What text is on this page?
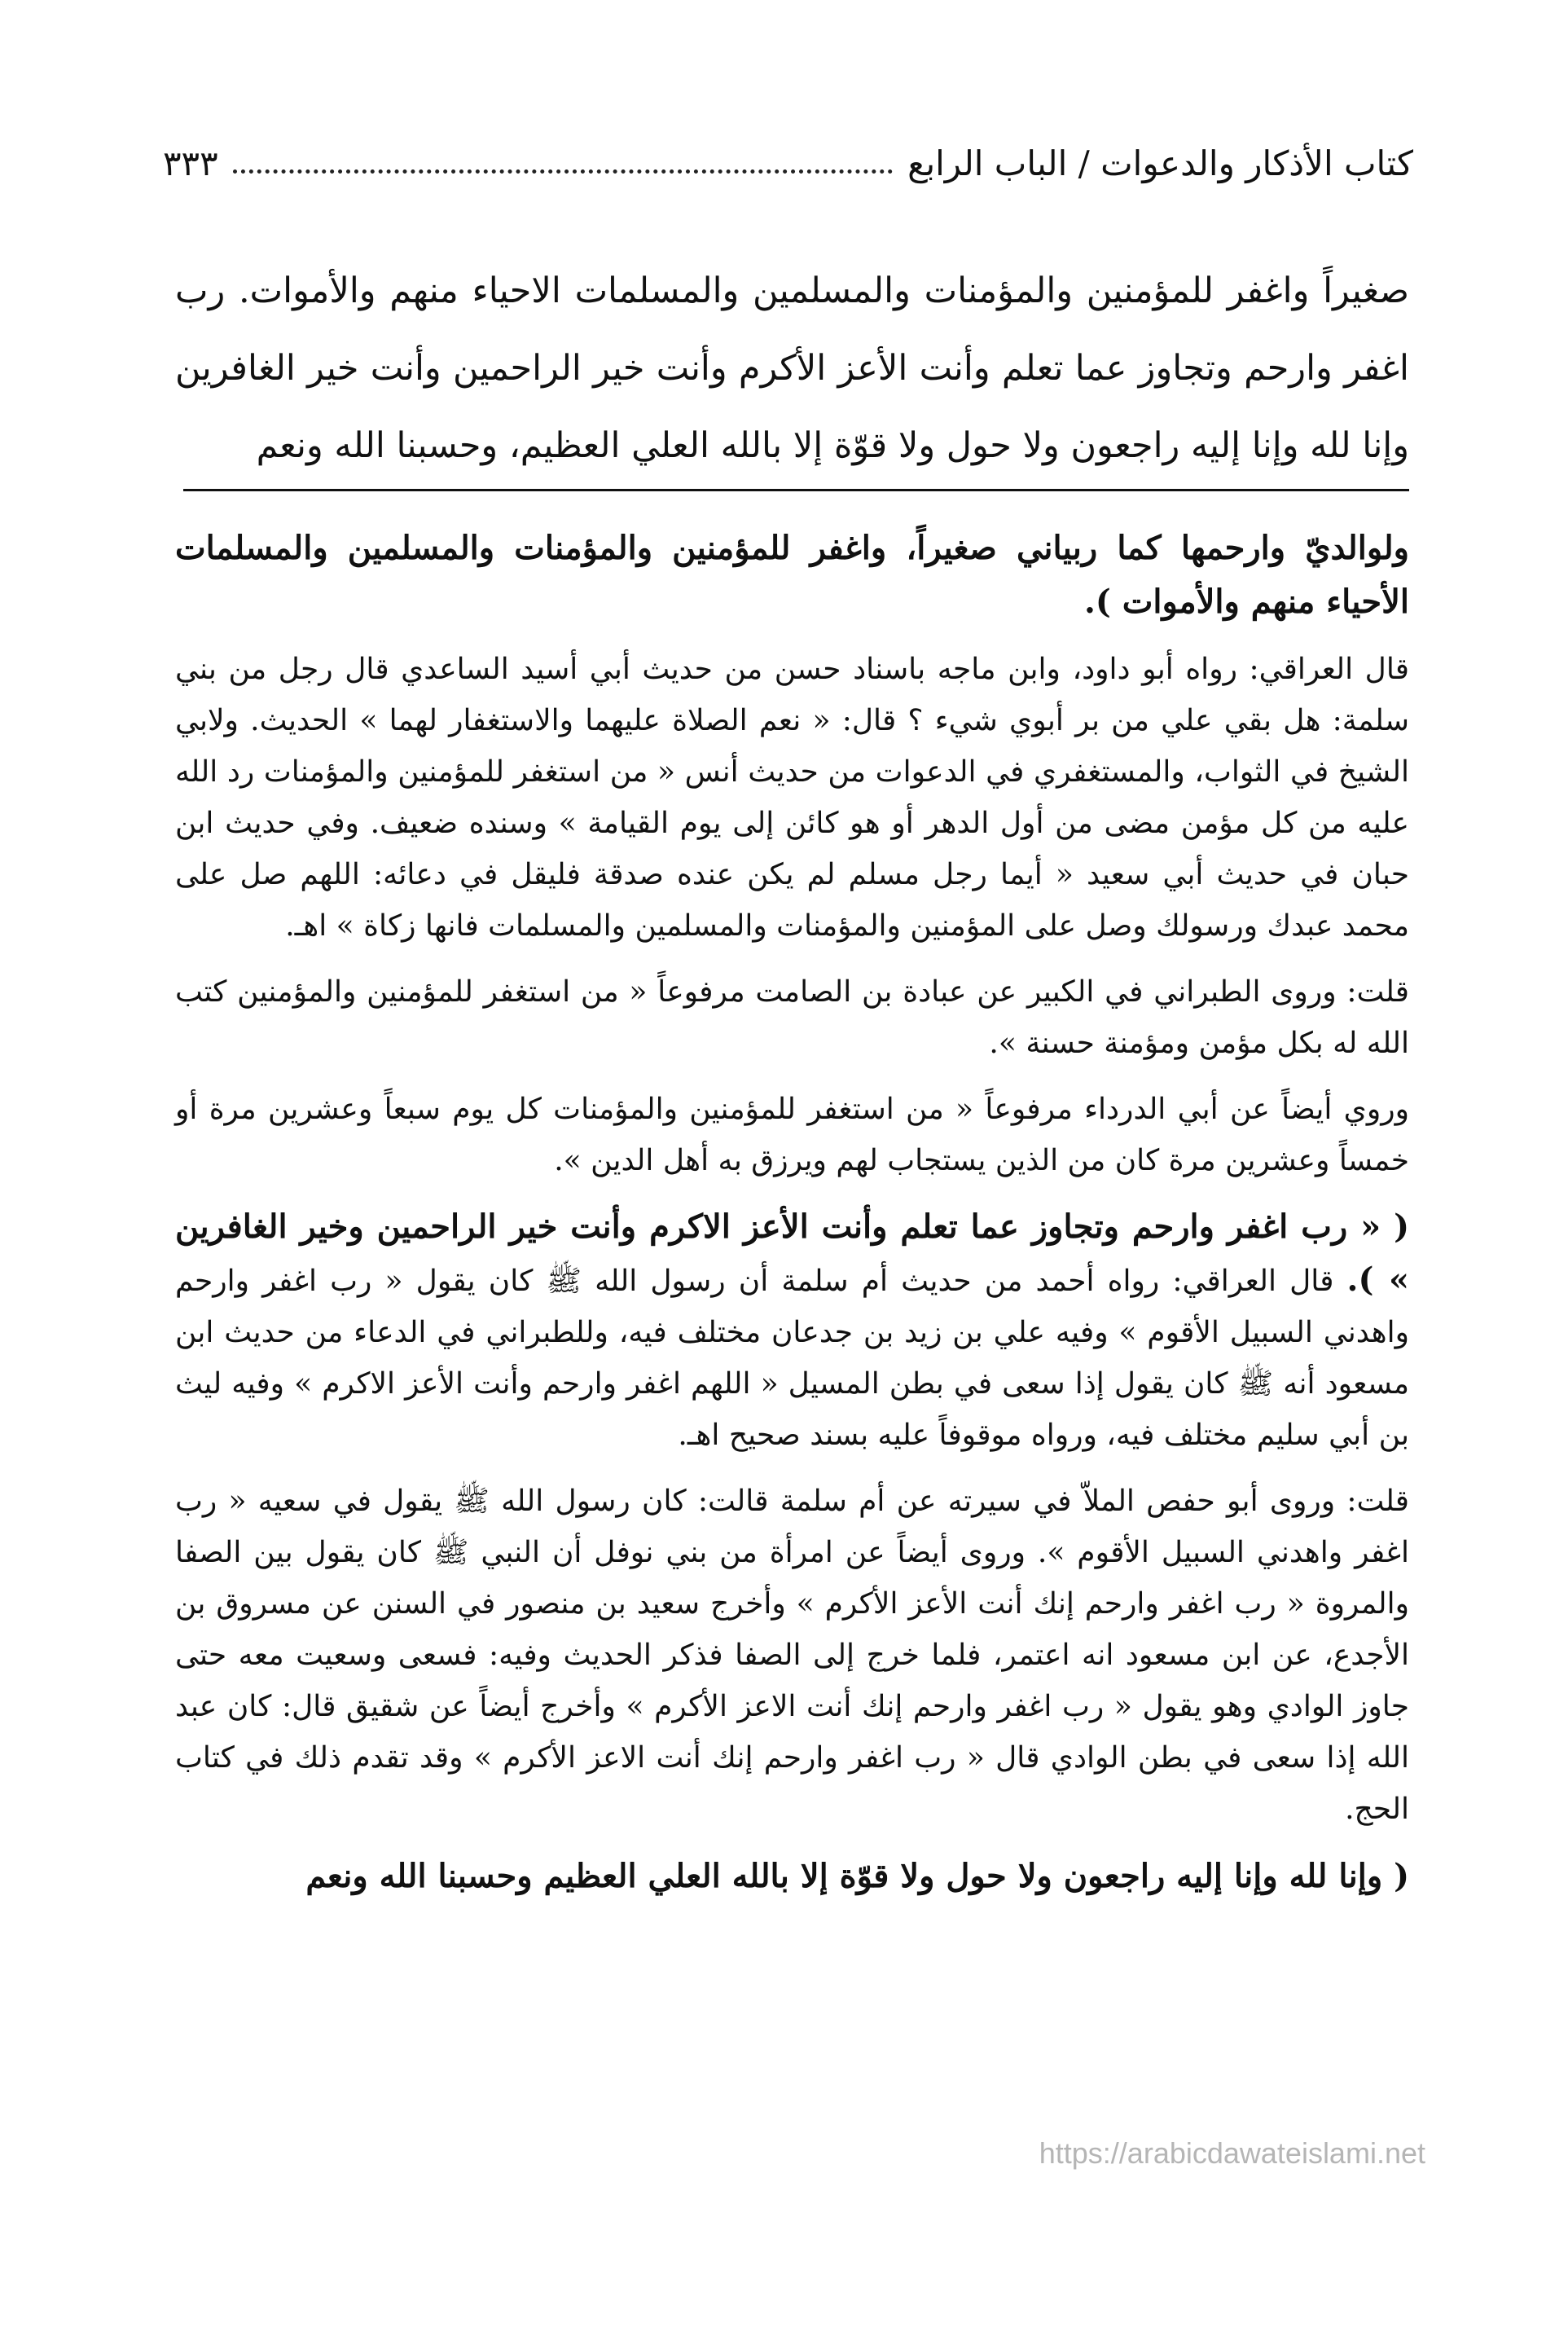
كتاب الأذكار والدعوات / الباب الرابع
٣٣٣
صغيراً واغفر للمؤمنين والمؤمنات والمسلمين والمسلمات الاحياء منهم والأموات. رب اغفر وارحم وتجاوز عما تعلم وأنت الأعز الأكرم وأنت خير الراحمين وأنت خير الغافرين وإنا لله وإنا إليه راجعون ولا حول ولا قوّة إلا بالله العلي العظيم، وحسبنا الله ونعم

ولوالديّ وارحمها كما ربياني صغيراً، واغفر للمؤمنين والمؤمنات والمسلمين والمسلمات الأحياء منهم والأموات ).

قال العراقي: رواه أبو داود، وابن ماجه باسناد حسن من حديث أبي أسيد الساعدي قال رجل من بني سلمة: هل بقي علي من بر أبوي شيء ؟ قال: « نعم الصلاة عليهما والاستغفار لهما » الحديث. ولابي الشيخ في الثواب، والمستغفري في الدعوات من حديث أنس « من استغفر للمؤمنين والمؤمنات رد الله عليه من كل مؤمن مضى من أول الدهر أو هو كائن إلى يوم القيامة » وسنده ضعيف. وفي حديث ابن حبان في حديث أبي سعيد « أيما رجل مسلم لم يكن عنده صدقة فليقل في دعائه: اللهم صل على محمد عبدك ورسولك وصل على المؤمنين والمؤمنات والمسلمين والمسلمات فانها زكاة » اهـ.

قلت: وروى الطبراني في الكبير عن عبادة بن الصامت مرفوعاً « من استغفر للمؤمنين والمؤمنين كتب الله له بكل مؤمن ومؤمنة حسنة ».

وروي أيضاً عن أبي الدرداء مرفوعاً « من استغفر للمؤمنين والمؤمنات كل يوم سبعاً وعشرين مرة أو خمساً وعشرين مرة كان من الذين يستجاب لهم ويرزق به أهل الدين ».

( « رب اغفر وارحم وتجاوز عما تعلم وأنت الأعز الاكرم وأنت خير الراحمين وخير الغافرين » ). قال العراقي: رواه أحمد من حديث أم سلمة أن رسول الله ﷺ كان يقول « رب اغفر وارحم واهدني السبيل الأقوم » وفيه علي بن زيد بن جدعان مختلف فيه، وللطبراني في الدعاء من حديث ابن مسعود أنه ﷺ كان يقول إذا سعى في بطن المسيل « اللهم اغفر وارحم وأنت الأعز الاكرم » وفيه ليث بن أبي سليم مختلف فيه، ورواه موقوفاً عليه بسند صحيح اهـ.

قلت: وروى أبو حفص الملاّ في سيرته عن أم سلمة قالت: كان رسول الله ﷺ يقول في سعيه « رب اغفر واهدني السبيل الأقوم ». وروى أيضاً عن امرأة من بني نوفل أن النبي ﷺ كان يقول بين الصفا والمروة « رب اغفر وارحم إنك أنت الأعز الأكرم » وأخرج سعيد بن منصور في السنن عن مسروق بن الأجدع، عن ابن مسعود انه اعتمر، فلما خرج إلى الصفا فذكر الحديث وفيه: فسعى وسعيت معه حتى جاوز الوادي وهو يقول « رب اغفر وارحم إنك أنت الاعز الأكرم » وأخرج أيضاً عن شقيق قال: كان عبد الله إذا سعى في بطن الوادي قال « رب اغفر وارحم إنك أنت الاعز الأكرم » وقد تقدم ذلك في كتاب الحج.

( وإنا لله وإنا إليه راجعون ولا حول ولا قوّة إلا بالله العلي العظيم وحسبنا الله ونعم

https://arabicdawateislami.net
